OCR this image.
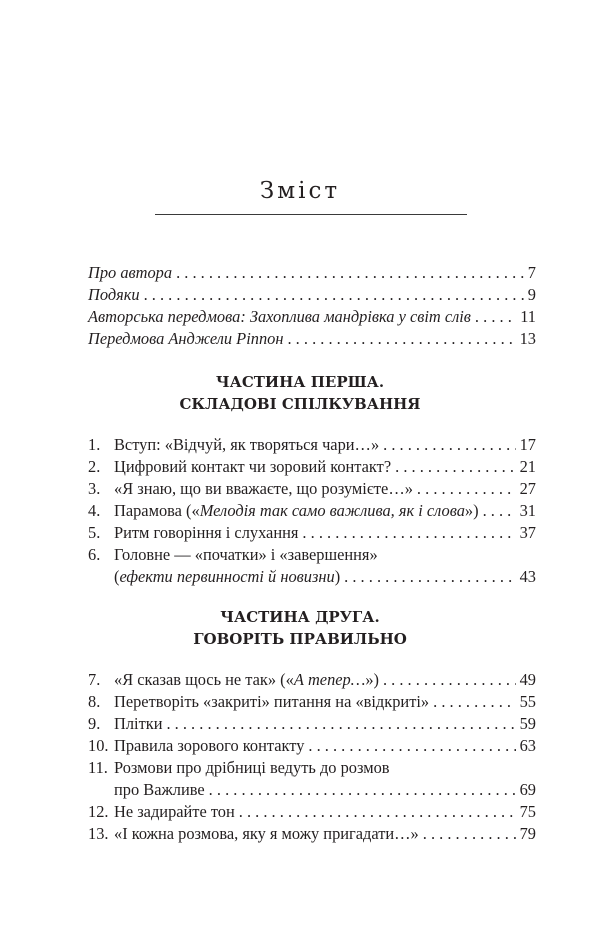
Зміст
Про автора . . .	7
Подяки . . .	9
Авторська передмова: Захоплива мандрівка у світ слів . . .	11
Передмова Анджели Ріппон . . .	13
ЧАСТИНА ПЕРША.
СКЛАДОВІ СПІЛКУВАННЯ
1. Вступ: «Відчуй, як творяться чари…» . . .	17
2. Цифровий контакт чи зоровий контакт? . . .	21
3. «Я знаю, що ви вважаєте, що розумієте…» . . .	27
4. Парамова («Мелодія так само важлива, як і слова») . . .	31
5. Ритм говоріння і слухання . . .	37
6. Головне — «початки» і «завершення»
(ефекти первинності й новизни) . . .	43
ЧАСТИНА ДРУГА.
ГОВОРІТЬ ПРАВИЛЬНО
7. «Я сказав щось не так» («А тепер…») . . .	49
8. Перетворіть «закриті» питання на «відкриті» . . .	55
9. Плітки . . .	59
10. Правила зорового контакту . . .	63
11. Розмови про дрібниці ведуть до розмов
про Важливе . . .	69
12. Не задирайте тон . . .	75
13. «І кожна розмова, яку я можу пригадати…» . . .	79
